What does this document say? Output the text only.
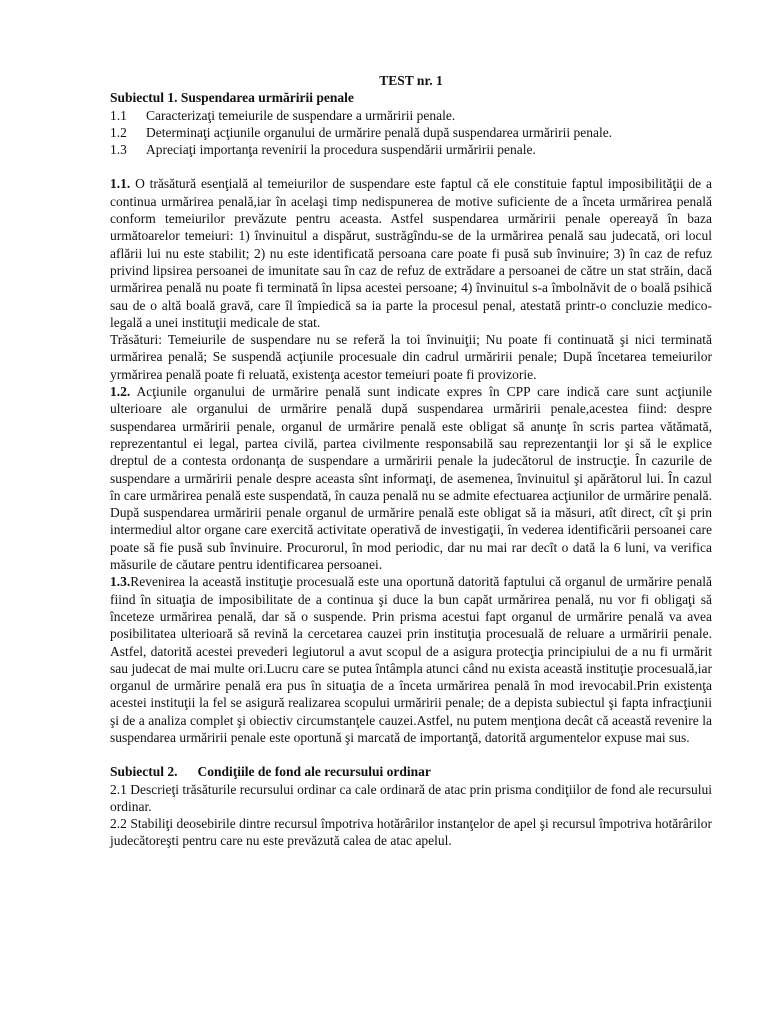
TEST nr. 1

Subiectul 1. Suspendarea urmăririi penale

1.1	Caracterizaţi temeiurile de suspendare a urmăririi penale.
1.2	Determinaţi acţiunile organului de urmărire penală după suspendarea urmăririi penale.
1.3	Apreciaţi importanţa revenirii la procedura suspendării urmăririi penale.

1.1. O trăsătură esenţială al temeiurilor de suspendare este faptul că ele constituie faptul imposibilităţii de a continua urmărirea penală,iar în acelaşi timp nedispunerea de motive suficiente de a înceta urmărirea penală conform temeiurilor prevăzute pentru aceasta. Astfel suspendarea urmăririi penale opereayă în baza următoarelor temeiuri: 1) învinuitul a dispărut, sustrăgîndu-se de la urmărirea penală sau judecată, ori locul aflării lui nu este stabilit; 2) nu este identificată persoana care poate fi pusă sub învinuire; 3) în caz de refuz privind lipsirea persoanei de imunitate sau în caz de refuz de extrădare a persoanei de către un stat străin, dacă urmărirea penală nu poate fi terminată în lipsa acestei persoane; 4) învinuitul s-a îmbolnăvit de o boală psihică sau de o altă boală gravă, care îl împiedică sa ia parte la procesul penal, atestată printr-o concluzie medico-legală a unei instituţii medicale de stat.

Trăsături: Temeiurile de suspendare nu se referă la toi învinuiţii; Nu poate fi continuată şi nici terminată urmărirea penală; Se suspendă acţiunile procesuale din cadrul urmăririi penale; După încetarea temeiurilor yrmărirea penală poate fi reluată, existenţa acestor temeiuri poate fi provizorie.

1.2. Acţiunile organului de urmărire penală sunt indicate expres în CPP care indică care sunt acţiunile ulterioare ale organului de urmărire penală după suspendarea urmăririi penale,acestea fiind: despre suspendarea urmăririi penale, organul de urmărire penală este obligat să anunţe în scris partea vătămată, reprezentantul ei legal, partea civilă, partea civilmente responsabilă sau reprezentanţii lor şi să le explice dreptul de a contesta ordonanţa de suspendare a urmăririi penale la judecătorul de instrucţie. În cazurile de suspendare a urmăririi penale despre aceasta sînt informaţi, de asemenea, învinuitul şi apărătorul lui. În cazul în care urmărirea penală este suspendată, în cauza penală nu se admite efectuarea acţiunilor de urmărire penală. După suspendarea urmăririi penale organul de urmărire penală este obligat să ia măsuri, atît direct, cît şi prin intermediul altor organe care exercită activitate operativă de investigaţii, în vederea identificării persoanei care poate să fie pusă sub învinuire. Procurorul, în mod periodic, dar nu mai rar decît o dată la 6 luni, va verifica măsurile de căutare pentru identificarea persoanei.

1.3.Revenirea la această instituţie procesuală este una oportună datorită faptului că organul de urmărire penală fiind în situaţia de imposibilitate de a continua şi duce la bun capăt urmărirea penală, nu vor fi obligaţi să înceteze urmărirea penală, dar să o suspende. Prin prisma acestui fapt organul de urmărire penală va avea posibilitatea ulterioară să revină la cercetarea cauzei prin instituţia procesuală de reluare a urmăririi penale. Astfel, datorită acestei prevederi legiutorul a avut scopul de a asigura protecţia principiului de a nu fi urmărit sau judecat de mai multe ori.Lucru care se putea întâmpla atunci când nu exista această instituţie procesuală,iar organul de urmărire penală era pus în situaţia de a înceta urmărirea penală în mod irevocabil.Prin existenţa acestei instituţii la fel se asigură realizarea scopului urmăririi penale; de a depista subiectul şi fapta infracţiunii şi de a analiza complet şi obiectiv circumstanţele cauzei.Astfel, nu putem menţiona decât că această revenire la suspendarea urmăririi penale este oportună şi marcată de importanţă, datorită argumentelor expuse mai sus.

Subiectul 2. Condiţiile de fond ale recursului ordinar

2.1 Descrieţi trăsăturile recursului ordinar ca cale ordinară de atac prin prisma condiţiilor de fond ale recursului ordinar.

2.2 Stabiliţi deosebirile dintre recursul împotriva hotărârilor instanţelor de apel şi recursul împotriva hotărârilor judecătoreşti pentru care nu este prevăzută calea de atac apelul.
